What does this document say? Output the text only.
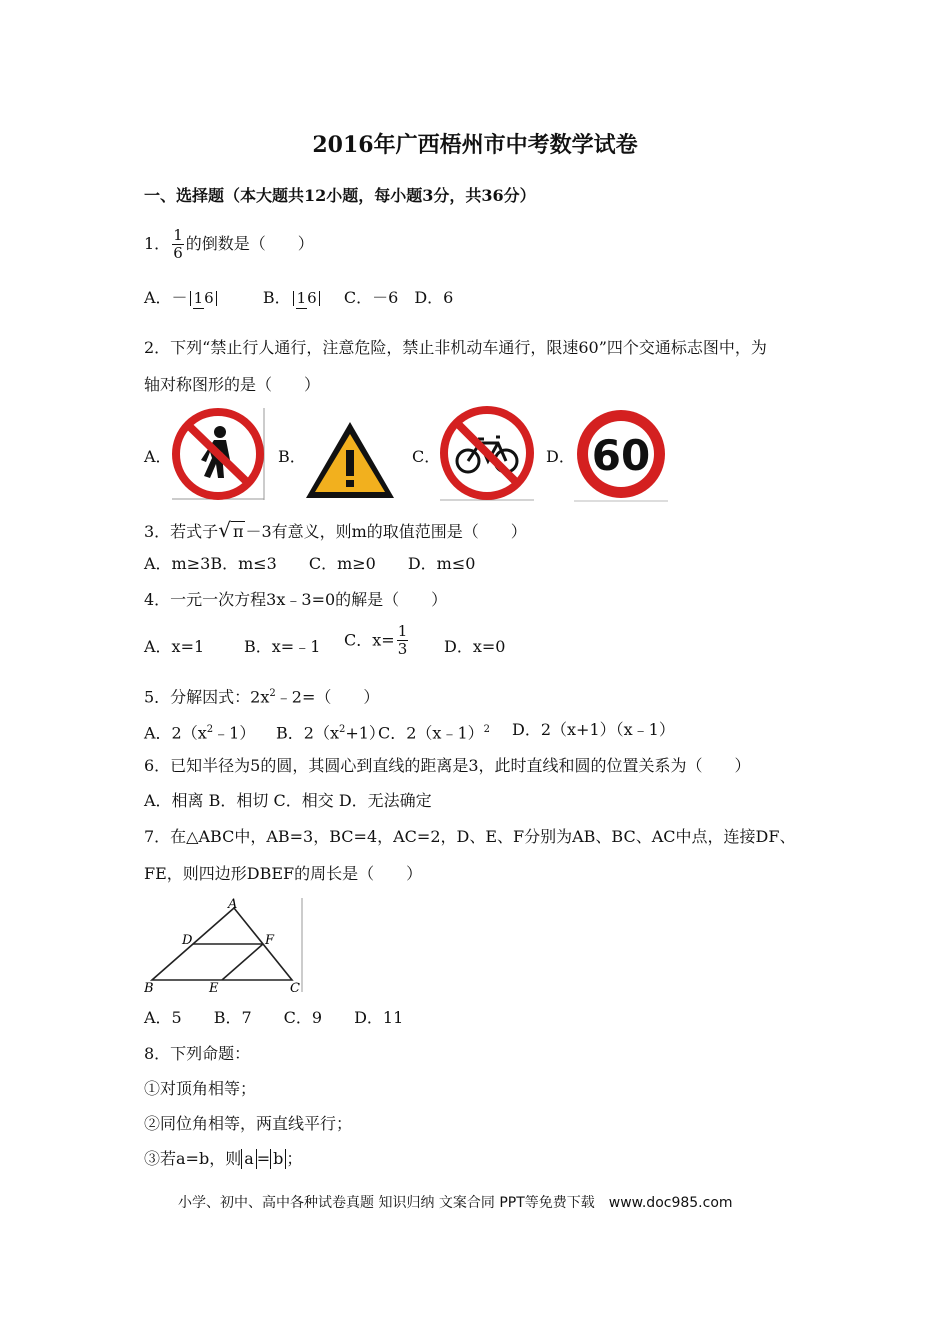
2016年广西梧州市中考数学试卷
一、选择题（本大题共12小题，每小题3分，共36分）
1． $\frac{1}{6}$ 的倒数是（　　）
A．－ 16	B． 16 C．－6　D．6
2．下列“禁止行人通行，注意危险，禁止非机动车通行，限速60”四个交通标志图中，为
轴对称图形的是（　　）
A．	B．	C．	D． 60
3．若式子√ π －3有意义，则m的取值范围是（　　）
A．m≥3B．m≤3　　C．m≥0　　D．m≤0
4．一元一次方程3x﹣3=0的解是（　　）
A．x=1 B．x=﹣1 C．$x= \frac{1}{3}$ D．x=0
5．分解因式：$2x^2﹣2=$（　　）
A．$2(x^2﹣1)$ B．$2(x^2+1)$
C．2（x﹣1）$^2$ D．2（x+1）（x﹣1）
6．已知半径为5的圆，其圆心到直线的距离是3，此时直线和圆的位置关系为（　　）
A．相离 B．相切 C．相交 D．无法确定
7．在△ABC中，AB=3，BC=4，AC=2，D、E、F分别为AB、BC、AC中点，连接DF、
FE，则四边形DBEF的周长是（　　）
A
D	F
B	E	C
A．5　　B．7　　C．9　　D．11
8．下列命题：
①对顶角相等；
②同位角相等，两直线平行；
③若a=b，则 a = b ；
小学、初中、高中各种试卷真题 知识归纳 文案合同 PPT等免费下载　www.doc985.com
